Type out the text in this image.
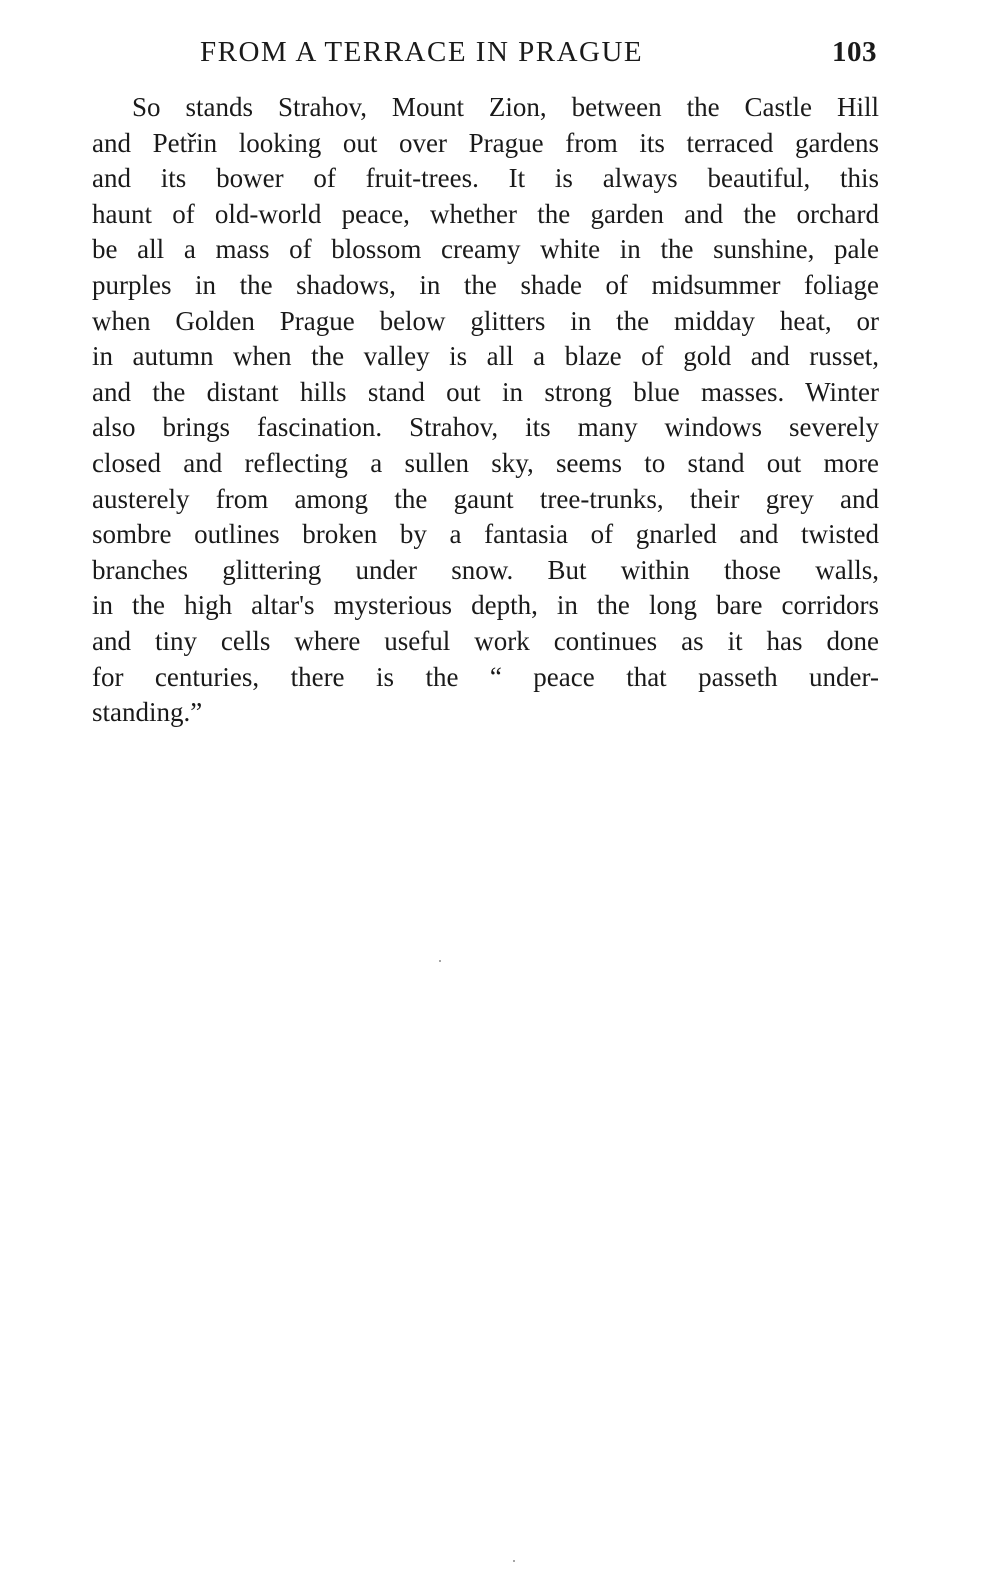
FROM A TERRACE IN PRAGUE	103
So stands Strahov, Mount Zion, between the Castle Hill
and Petřin looking out over Prague from its terraced gardens
and its bower of fruit-trees. It is always beautiful, this
haunt of old-world peace, whether the garden and the orchard
be all a mass of blossom creamy white in the sunshine, pale
purples in the shadows, in the shade of midsummer foliage
when Golden Prague below glitters in the midday heat, or
in autumn when the valley is all a blaze of gold and russet,
and the distant hills stand out in strong blue masses. Winter
also brings fascination. Strahov, its many windows severely
closed and reflecting a sullen sky, seems to stand out more
austerely from among the gaunt tree-trunks, their grey and
sombre outlines broken by a fantasia of gnarled and twisted
branches glittering under snow. But within those walls,
in the high altar's mysterious depth, in the long bare corridors
and tiny cells where useful work continues as it has done
for centuries, there is the “ peace that passeth under-
standing.”
